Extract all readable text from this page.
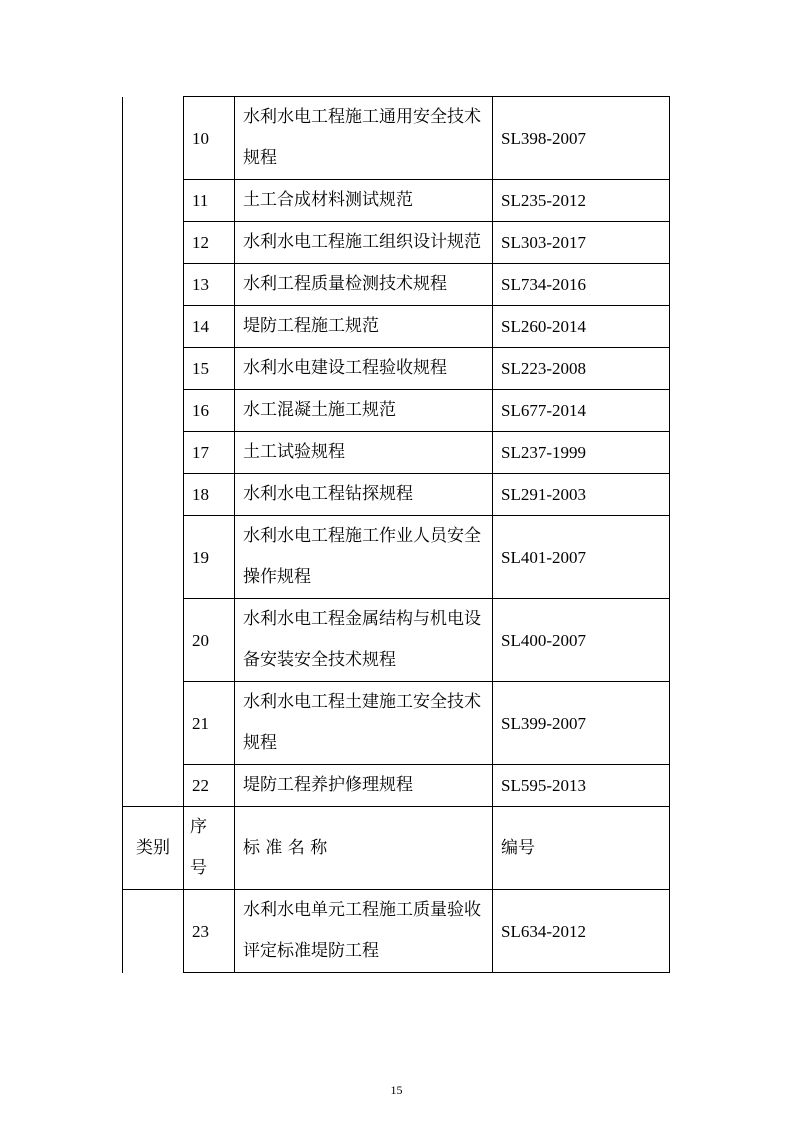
	10	水利水电工程施工通用安全技术规程	SL398-2007
	11	土工合成材料测试规范	SL235-2012
	12	水利水电工程施工组织设计规范	SL303-2017
	13	水利工程质量检测技术规程	SL734-2016
	14	堤防工程施工规范	SL260-2014
	15	水利水电建设工程验收规程	SL223-2008
	16	水工混凝土施工规范	SL677-2014
	17	土工试验规程	SL237-1999
	18	水利水电工程钻探规程	SL291-2003
	19	水利水电工程施工作业人员安全操作规程	SL401-2007
	20	水利水电工程金属结构与机电设备安装安全技术规程	SL400-2007
	21	水利水电工程土建施工安全技术规程	SL399-2007
	22	堤防工程养护修理规程	SL595-2013
类别	序号	标 准 名 称	编号
	23	水利水电单元工程施工质量验收评定标准堤防工程	SL634-2012
15
